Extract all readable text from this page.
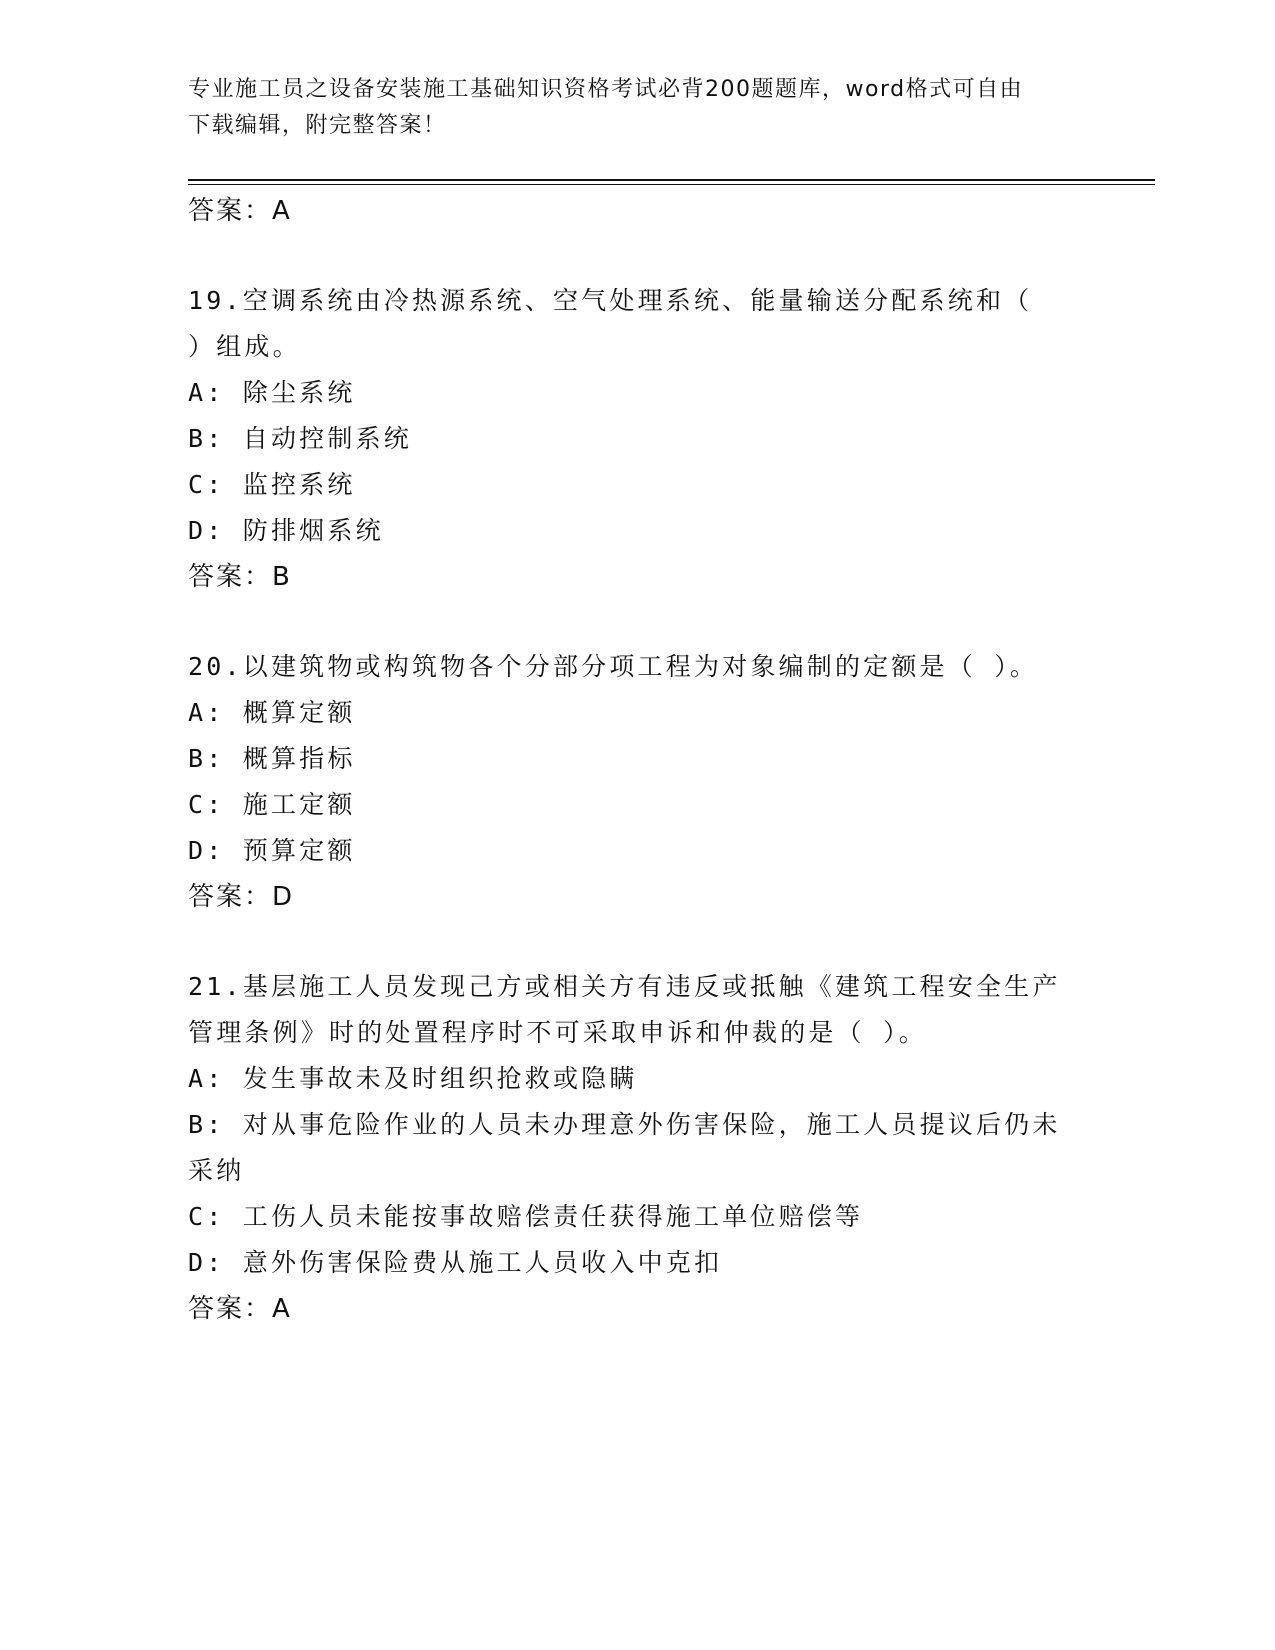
专业施工员之设备安装施工基础知识资格考试必背200题题库，word格式可自由
下载编辑，附完整答案！
答案：A
19.空调系统由冷热源系统、空气处理系统、能量输送分配系统和（
）组成。
A: 除尘系统
B: 自动控制系统
C: 监控系统
D: 防排烟系统
答案：B
20.以建筑物或构筑物各个分部分项工程为对象编制的定额是（ ）。
A: 概算定额
B: 概算指标
C: 施工定额
D: 预算定额
答案：D
21.基层施工人员发现己方或相关方有违反或抵触《建筑工程安全生产
管理条例》时的处置程序时不可采取申诉和仲裁的是（ ）。
A: 发生事故未及时组织抢救或隐瞒
B: 对从事危险作业的人员未办理意外伤害保险，施工人员提议后仍未
采纳
C: 工伤人员未能按事故赔偿责任获得施工单位赔偿等
D: 意外伤害保险费从施工人员收入中克扣
答案：A
